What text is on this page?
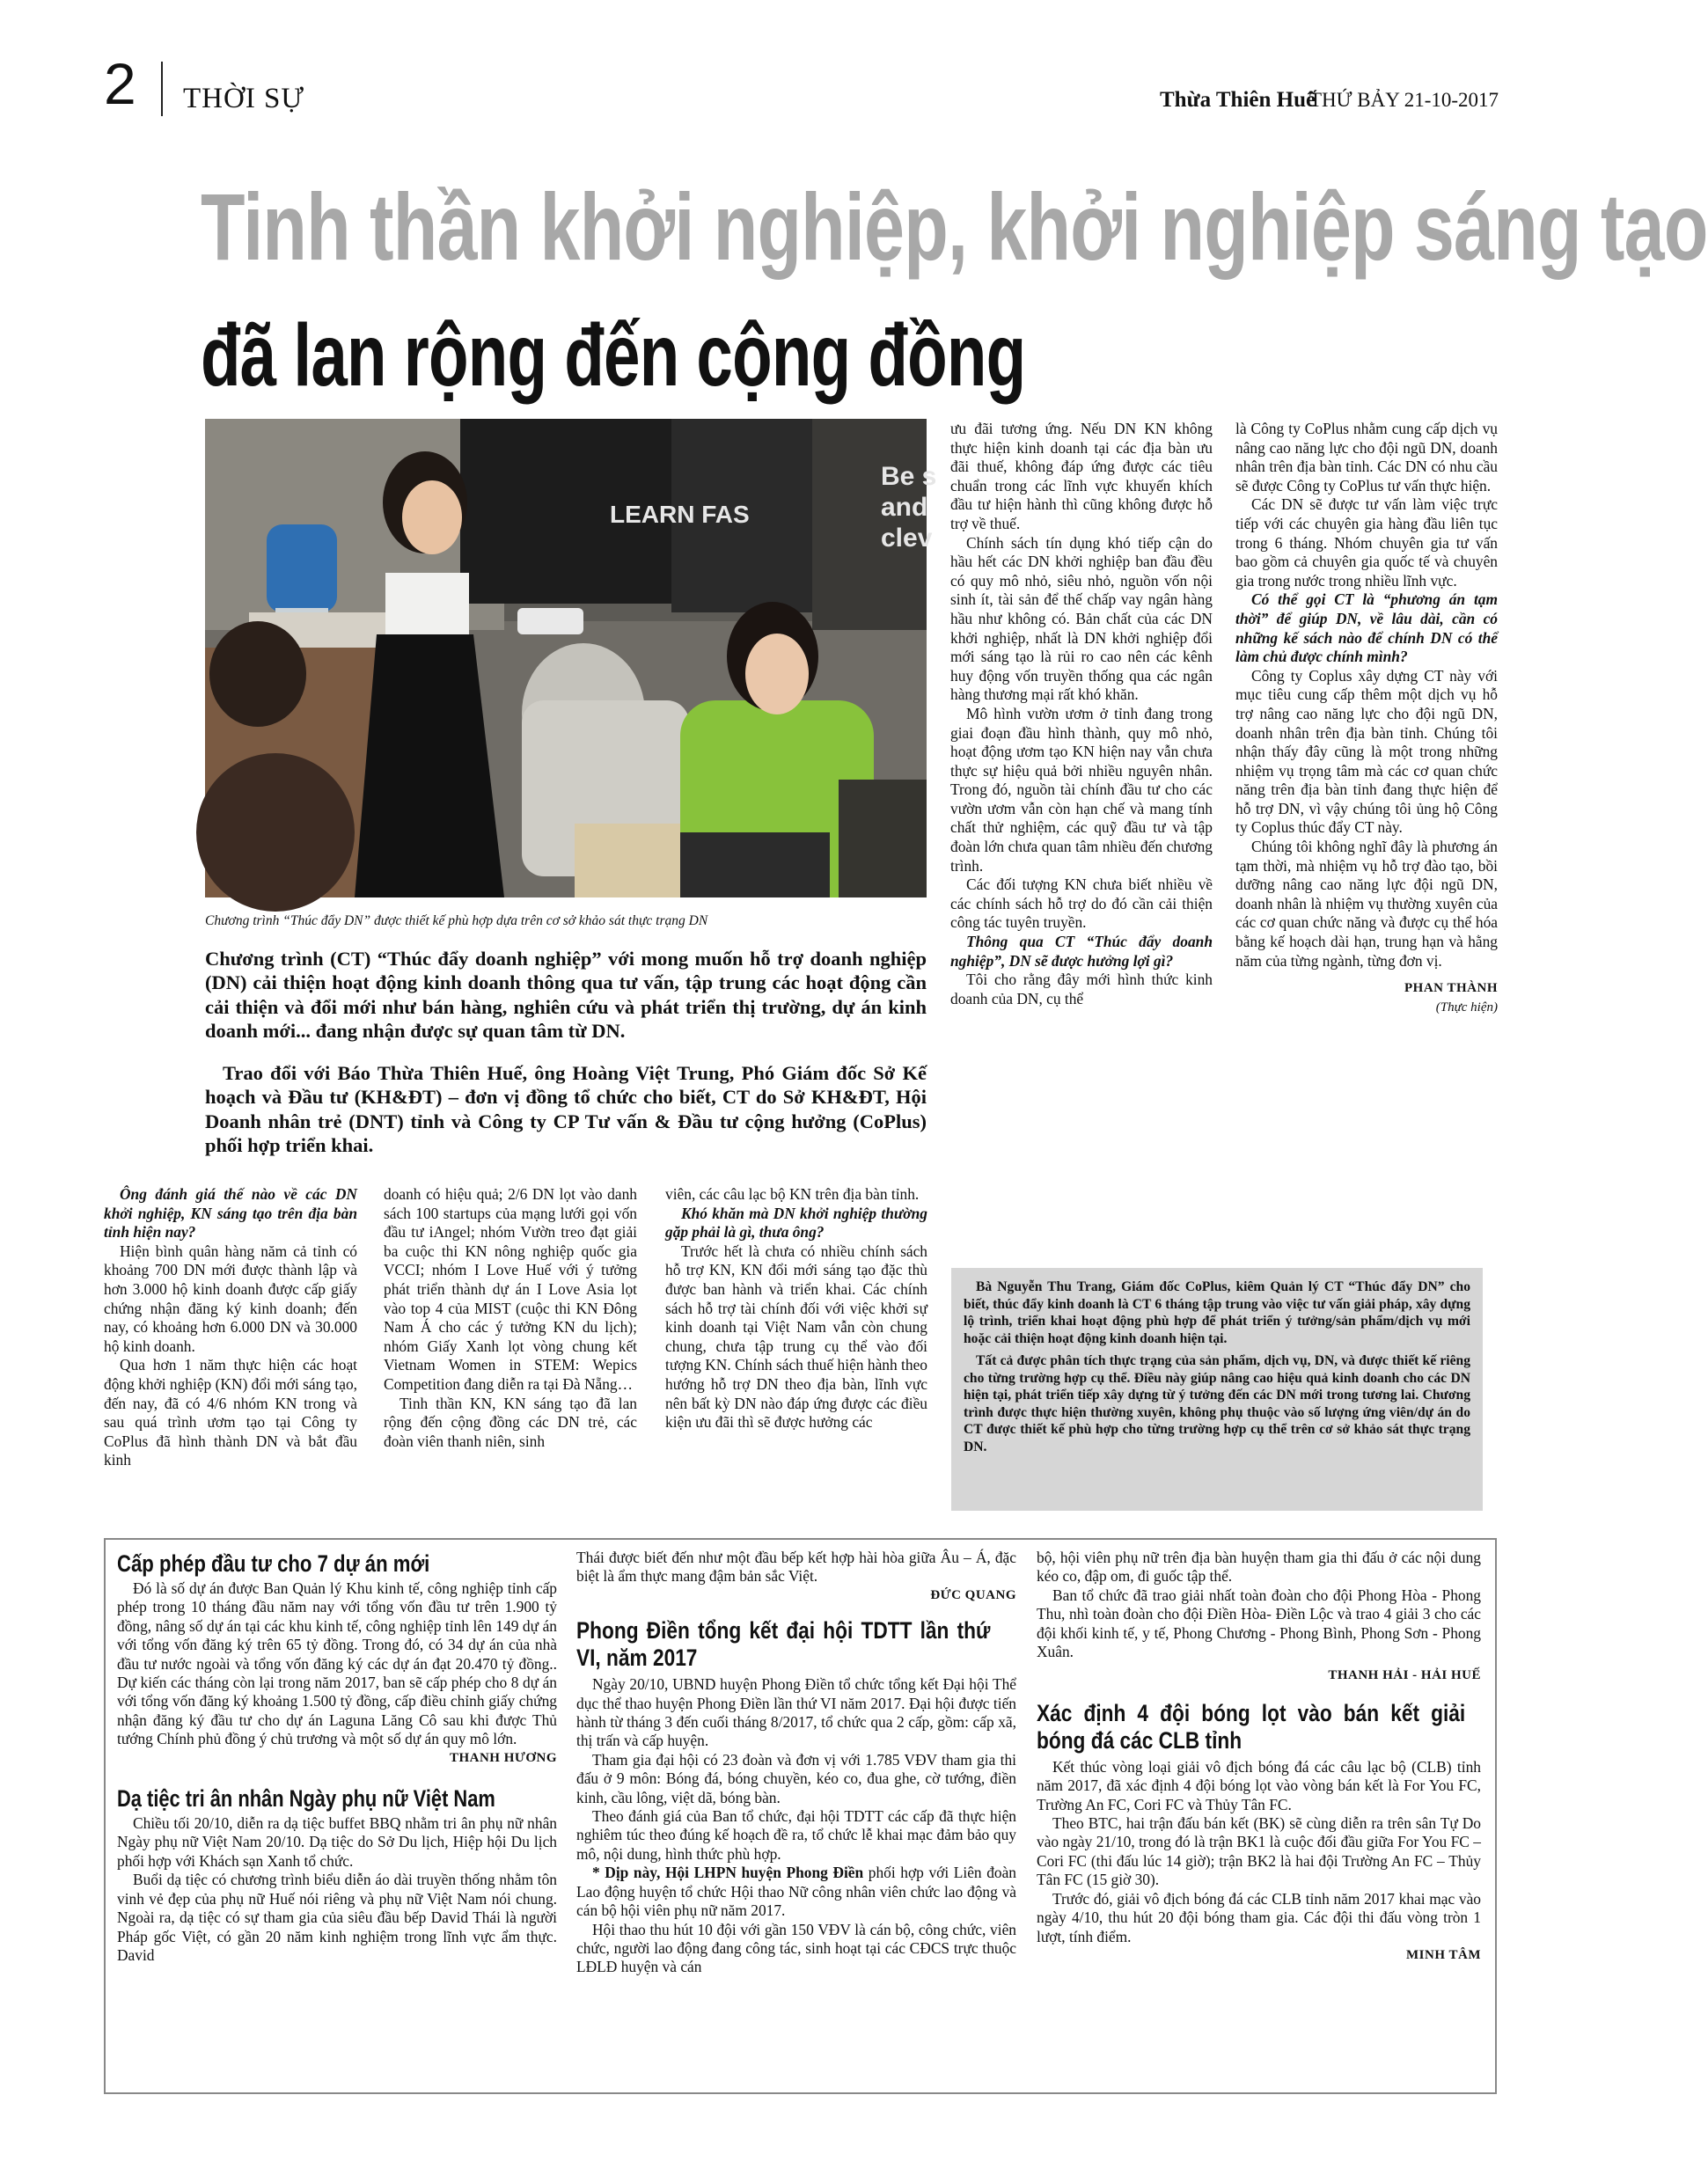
2 THỜI SỰ	Thừa Thiên Huế
THỨ BẢY 21-10-2017
Tinh thần khởi nghiệp, khởi nghiệp sáng tạo
đã lan rộng đến cộng đồng
LEARN FAS
Be s
and
clev
Chương trình “Thúc đẩy DN” được thiết kế phù hợp dựa trên cơ sở khảo sát thực trạng DN
Chương trình (CT) “Thúc đẩy doanh nghiệp” với mong muốn hỗ trợ doanh nghiệp (DN) cải thiện hoạt động kinh doanh thông qua tư vấn, tập trung các hoạt động cần cải thiện và đổi mới như bán hàng, nghiên cứu và phát triển thị trường, dự án kinh doanh mới... đang nhận được sự quan tâm từ DN.
Trao đổi với Báo Thừa Thiên Huế, ông Hoàng Việt Trung, Phó Giám đốc Sở Kế hoạch và Đầu tư (KH&ĐT) – đơn vị đồng tổ chức cho biết, CT do Sở KH&ĐT, Hội Doanh nhân trẻ (DNT) tỉnh và Công ty CP Tư vấn & Đầu tư cộng hưởng (CoPlus) phối hợp triển khai.

Ông đánh giá thế nào về các DN khởi nghiệp, KN sáng tạo trên địa bàn tỉnh hiện nay?

Hiện bình quân hàng năm cả tỉnh có khoảng 700 DN mới được thành lập và hơn 3.000 hộ kinh doanh được cấp giấy chứng nhận đăng ký kinh doanh; đến nay, có khoảng hơn 6.000 DN và 30.000 hộ kinh doanh.

Qua hơn 1 năm thực hiện các hoạt động khởi nghiệp (KN) đổi mới sáng tạo, đến nay, đã có 4/6 nhóm KN trong và sau quá trình ươm tạo tại Công ty CoPlus đã hình thành DN và bắt đầu kinh

doanh có hiệu quả; 2/6 DN lọt vào danh sách 100 startups của mạng lưới gọi vốn đầu tư iAngel; nhóm Vườn treo đạt giải ba cuộc thi KN nông nghiệp quốc gia VCCI; nhóm I Love Huế với ý tưởng phát triển thành dự án I Love Asia lọt vào top 4 của MIST (cuộc thi KN Đông Nam Á cho các ý tưởng KN du lịch); nhóm Giấy Xanh lọt vòng chung kết Vietnam Women in STEM: Wepics Competition đang diễn ra tại Đà Nẵng…

Tinh thần KN, KN sáng tạo đã lan rộng đến cộng đồng các DN trẻ, các đoàn viên thanh niên, sinh

viên, các câu lạc bộ KN trên địa bàn tỉnh.

Khó khăn mà DN khởi nghiệp thường gặp phải là gì, thưa ông?

Trước hết là chưa có nhiều chính sách hỗ trợ KN, KN đổi mới sáng tạo đặc thù được ban hành và triển khai. Các chính sách hỗ trợ tài chính đối với việc khởi sự kinh doanh tại Việt Nam vẫn còn chung chung, chưa tập trung cụ thể vào đối tượng KN. Chính sách thuế hiện hành theo hướng hỗ trợ DN theo địa bàn, lĩnh vực nên bất kỳ DN nào đáp ứng được các điều kiện ưu đãi thì sẽ được hưởng các

ưu đãi tương ứng. Nếu DN KN không thực hiện kinh doanh tại các địa bàn ưu đãi thuế, không đáp ứng được các tiêu chuẩn trong các lĩnh vực khuyến khích đầu tư hiện hành thì cũng không được hỗ trợ về thuế.

Chính sách tín dụng khó tiếp cận do hầu hết các DN khởi nghiệp ban đầu đều có quy mô nhỏ, siêu nhỏ, nguồn vốn nội sinh ít, tài sản để thế chấp vay ngân hàng hầu như không có. Bản chất của các DN khởi nghiệp, nhất là DN khởi nghiệp đổi mới sáng tạo là rủi ro cao nên các kênh huy động vốn truyền thống qua các ngân hàng thương mại rất khó khăn.

Mô hình vườn ươm ở tỉnh đang trong giai đoạn đầu hình thành, quy mô nhỏ, hoạt động ươm tạo KN hiện nay vẫn chưa thực sự hiệu quả bởi nhiều nguyên nhân. Trong đó, nguồn tài chính đầu tư cho các vườn ươm vẫn còn hạn chế và mang tính chất thử nghiệm, các quỹ đầu tư và tập đoàn lớn chưa quan tâm nhiều đến chương trình.

Các đối tượng KN chưa biết nhiều về các chính sách hỗ trợ do đó cần cải thiện công tác tuyên truyền.

Thông qua CT “Thúc đẩy doanh nghiệp”, DN sẽ được hưởng lợi gì?

Tôi cho rằng đây mới hình thức kinh doanh của DN, cụ thể

là Công ty CoPlus nhằm cung cấp dịch vụ nâng cao năng lực cho đội ngũ DN, doanh nhân trên địa bàn tỉnh. Các DN có nhu cầu sẽ được Công ty CoPlus tư vấn thực hiện.

Các DN sẽ được tư vấn làm việc trực tiếp với các chuyên gia hàng đầu liên tục trong 6 tháng. Nhóm chuyên gia tư vấn bao gồm cả chuyên gia quốc tế và chuyên gia trong nước trong nhiều lĩnh vực.

Có thể gọi CT là “phương án tạm thời” để giúp DN, về lâu dài, cần có những kế sách nào để chính DN có thể làm chủ được chính mình?

Công ty Coplus xây dựng CT này với mục tiêu cung cấp thêm một dịch vụ hỗ trợ nâng cao năng lực cho đội ngũ DN, doanh nhân trên địa bàn tỉnh. Chúng tôi nhận thấy đây cũng là một trong những nhiệm vụ trọng tâm mà các cơ quan chức năng trên địa bàn tỉnh đang thực hiện để hỗ trợ DN, vì vậy chúng tôi ủng hộ Công ty Coplus thúc đẩy CT này.

Chúng tôi không nghĩ đây là phương án tạm thời, mà nhiệm vụ hỗ trợ đào tạo, bồi dưỡng nâng cao năng lực đội ngũ DN, doanh nhân là nhiệm vụ thường xuyên của các cơ quan chức năng và được cụ thể hóa bằng kế hoạch dài hạn, trung hạn và hằng năm của từng ngành, từng đơn vị.

PHAN THÀNH

(Thực hiện)

Bà Nguyễn Thu Trang, Giám đốc CoPlus, kiêm Quản lý CT “Thúc đẩy DN” cho biết, thúc đẩy kinh doanh là CT 6 tháng tập trung vào việc tư vấn giải pháp, xây dựng lộ trình, triển khai hoạt động phù hợp để phát triển ý tưởng/sản phẩm/dịch vụ mới hoặc cải thiện hoạt động kinh doanh hiện tại.
Tất cả được phân tích thực trạng của sản phẩm, dịch vụ, DN, và được thiết kế riêng cho từng trường hợp cụ thể. Điều này giúp nâng cao hiệu quả kinh doanh cho các DN hiện tại, phát triển tiếp xây dựng từ ý tưởng đến các DN mới trong tương lai. Chương trình được thực hiện thường xuyên, không phụ thuộc vào số lượng ứng viên/dự án do CT được thiết kế phù hợp cho từng trường hợp cụ thể trên cơ sở khảo sát thực trạng DN.
Cấp phép đầu tư cho 7 dự án mới

Đó là số dự án được Ban Quản lý Khu kinh tế, công nghiệp tỉnh cấp phép trong 10 tháng đầu năm nay với tổng vốn đầu tư trên 1.900 tỷ đồng, nâng số dự án tại các khu kinh tế, công nghiệp tỉnh lên 149 dự án với tổng vốn đăng ký trên 65 tỷ đồng. Trong đó, có 34 dự án của nhà đầu tư nước ngoài và tổng vốn đăng ký các dự án đạt 20.470 tỷ đồng.. Dự kiến các tháng còn lại trong năm 2017, ban sẽ cấp phép cho 8 dự án với tổng vốn đăng ký khoảng 1.500 tỷ đồng, cấp điều chỉnh giấy chứng nhận đăng ký đầu tư cho dự án Laguna Lăng Cô sau khi được Thủ tướng Chính phủ đồng ý chủ trương và một số dự án quy mô lớn.

THANH HƯƠNG

Dạ tiệc tri ân nhân Ngày phụ nữ Việt Nam

Chiều tối 20/10, diễn ra dạ tiệc buffet BBQ nhằm tri ân phụ nữ nhân Ngày phụ nữ Việt Nam 20/10. Dạ tiệc do Sở Du lịch, Hiệp hội Du lịch phối hợp với Khách sạn Xanh tổ chức.

Buổi dạ tiệc có chương trình biểu diễn áo dài truyền thống nhằm tôn vinh vẻ đẹp của phụ nữ Huế nói riêng và phụ nữ Việt Nam nói chung. Ngoài ra, dạ tiệc có sự tham gia của siêu đầu bếp David Thái là người Pháp gốc Việt, có gần 20 năm kinh nghiệm trong lĩnh vực ẩm thực. David

Thái được biết đến như một đầu bếp kết hợp hài hòa giữa Âu – Á, đặc biệt là ẩm thực mang đậm bản sắc Việt.

ĐỨC QUANG

Phong Điền tổng kết đại hội TDTT lần thứ VI, năm 2017

Ngày 20/10, UBND huyện Phong Điền tổ chức tổng kết Đại hội Thể dục thể thao huyện Phong Điền lần thứ VI năm 2017. Đại hội được tiến hành từ tháng 3 đến cuối tháng 8/2017, tổ chức qua 2 cấp, gồm: cấp xã, thị trấn và cấp huyện.

Tham gia đại hội có 23 đoàn và đơn vị với 1.785 VĐV tham gia thi đấu ở 9 môn: Bóng đá, bóng chuyền, kéo co, đua ghe, cờ tướng, điền kinh, cầu lông, việt dã, bóng bàn.

Theo đánh giá của Ban tổ chức, đại hội TDTT các cấp đã thực hiện nghiêm túc theo đúng kế hoạch đề ra, tổ chức lễ khai mạc đảm bảo quy mô, nội dung, hình thức phù hợp.

* Dịp này, Hội LHPN huyện Phong Điền phối hợp với Liên đoàn Lao động huyện tổ chức Hội thao Nữ công nhân viên chức lao động và cán bộ hội viên phụ nữ năm 2017.

Hội thao thu hút 10 đội với gần 150 VĐV là cán bộ, công chức, viên chức, người lao động đang công tác, sinh hoạt tại các CĐCS trực thuộc LĐLĐ huyện và cán

bộ, hội viên phụ nữ trên địa bàn huyện tham gia thi đấu ở các nội dung kéo co, đập om, đi guốc tập thể.

Ban tổ chức đã trao giải nhất toàn đoàn cho đội Phong Hòa - Phong Thu, nhì toàn đoàn cho đội Điền Hòa- Điền Lộc và trao 4 giải 3 cho các đội khối kinh tế, y tế, Phong Chương - Phong Bình, Phong Sơn - Phong Xuân.

THANH HẢI - HẢI HUẾ

Xác định 4 đội bóng lọt vào bán kết giải bóng đá các CLB tỉnh

Kết thúc vòng loại giải vô địch bóng đá các câu lạc bộ (CLB) tỉnh năm 2017, đã xác định 4 đội bóng lọt vào vòng bán kết là For You FC, Trường An FC, Cori FC và Thủy Tân FC.

Theo BTC, hai trận đấu bán kết (BK) sẽ cùng diễn ra trên sân Tự Do vào ngày 21/10, trong đó là trận BK1 là cuộc đối đầu giữa For You FC – Cori FC (thi đấu lúc 14 giờ); trận BK2 là hai đội Trường An FC – Thủy Tân FC (15 giờ 30).

Trước đó, giải vô địch bóng đá các CLB tỉnh năm 2017 khai mạc vào ngày 4/10, thu hút 20 đội bóng tham gia. Các đội thi đấu vòng tròn 1 lượt, tính điểm.

MINH TÂM
